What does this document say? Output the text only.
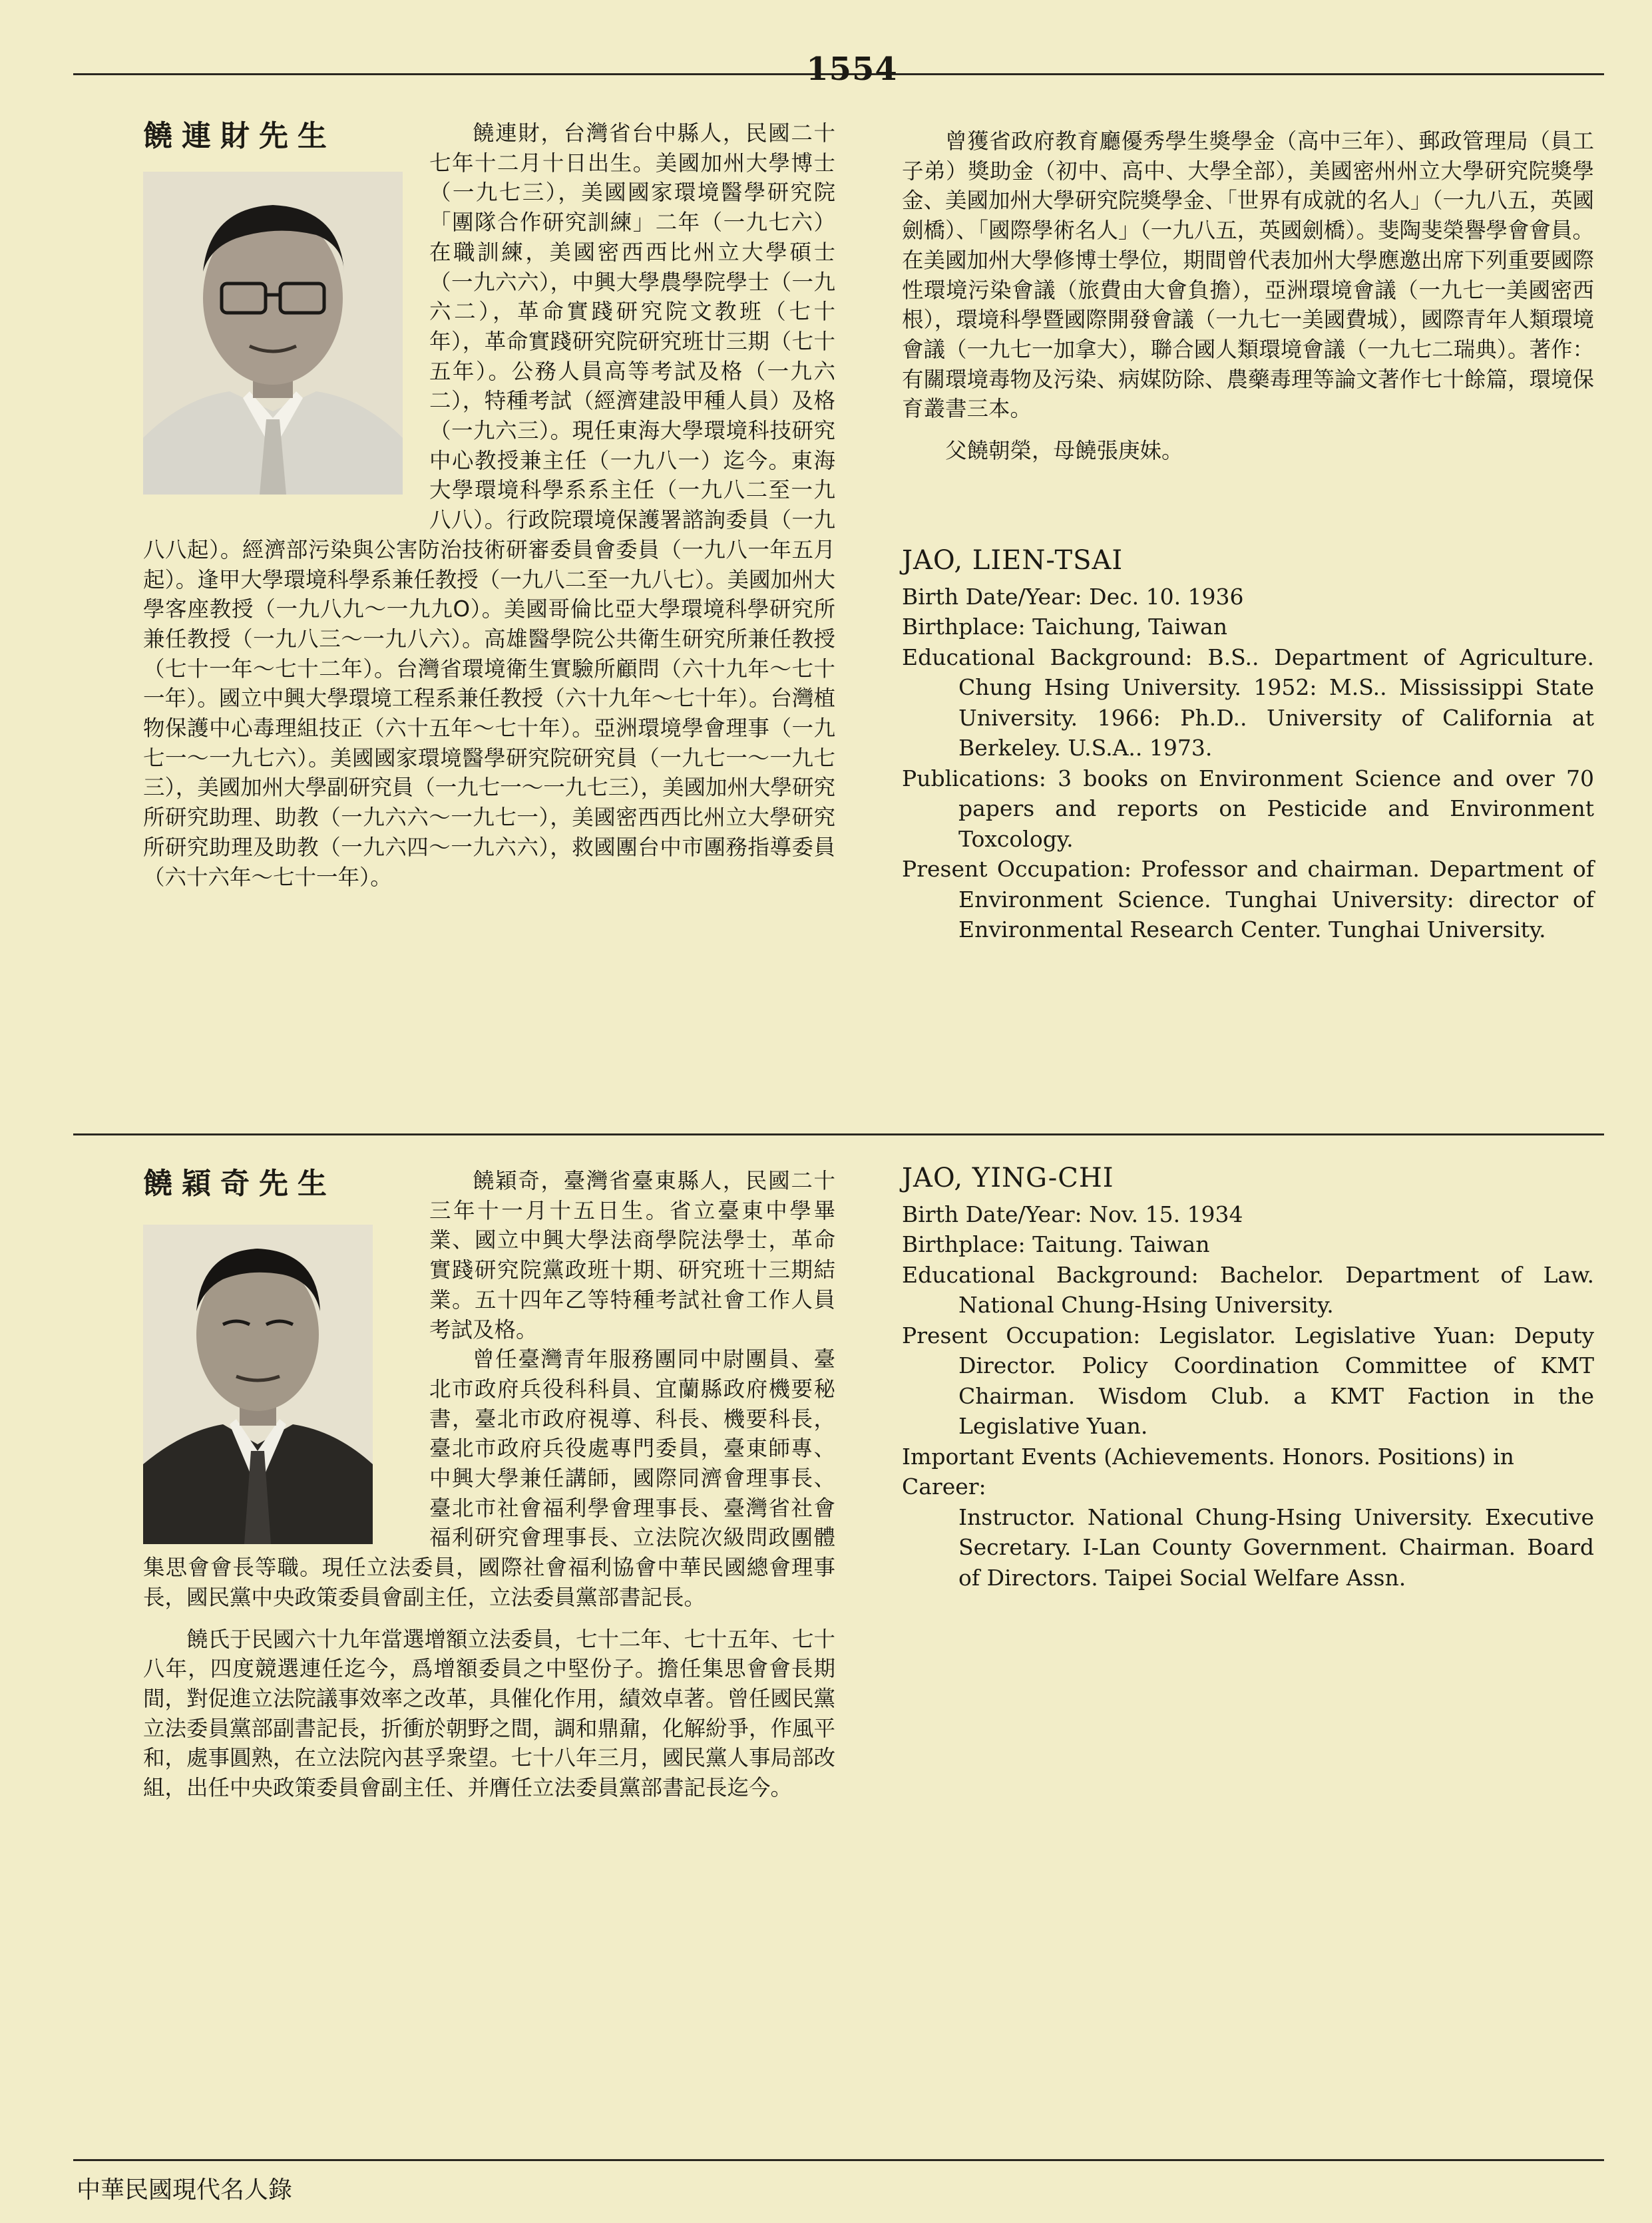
1554
饒連財先生	饒連財，台灣省台中縣人，民國二十七年十二月十日出生。美國加州大學博士（一九七三），美國國家環境醫學研究院「團隊合作研究訓練」二年（一九七六）在職訓練，美國密西西比州立大學碩士（一九六六），中興大學農學院學士（一九六二），革命實踐研究院文教班（七十年），革命實踐研究院研究班廿三期（七十五年）。公務人員高等考試及格（一九六二），特種考試（經濟建設甲種人員）及格（一九六三）。現任東海大學環境科技研究中心教授兼主任（一九八一）迄今。東海大學環境科學系系主任（一九八二至一九八八）。行政院環境保護署諮詢委員（一九八八起）。經濟部污染與公害防治技術研審委員會委員（一九八一年五月起）。逢甲大學環境科學系兼任教授（一九八二至一九八七）。美國加州大學客座教授（一九八九～一九九O）。美國哥倫比亞大學環境科學研究所兼任教授（一九八三～一九八六）。高雄醫學院公共衛生研究所兼任教授（七十一年～七十二年）。台灣省環境衛生實驗所顧問（六十九年～七十一年）。國立中興大學環境工程系兼任教授（六十九年～七十年）。台灣植物保護中心毒理組技正（六十五年～七十年）。亞洲環境學會理事（一九七一～一九七六）。美國國家環境醫學研究院研究員（一九七一～一九七三），美國加州大學副研究員（一九七一～一九七三），美國加州大學研究所研究助理、助教（一九六六～一九七一），美國密西西比州立大學研究所研究助理及助教（一九六四～一九六六），救國團台中市團務指導委員（六十六年～七十一年）。

曾獲省政府教育廳優秀學生獎學金（高中三年）、郵政管理局（員工子弟）獎助金（初中、高中、大學全部），美國密州州立大學研究院獎學金、美國加州大學研究院獎學金、「世界有成就的名人」（一九八五，英國劍橋）、「國際學術名人」（一九八五，英國劍橋）。斐陶斐榮譽學會會員。在美國加州大學修博士學位，期間曾代表加州大學應邀出席下列重要國際性環境污染會議（旅費由大會負擔），亞洲環境會議（一九七一美國密西根），環境科學暨國際開發會議（一九七一美國費城），國際青年人類環境會議（一九七一加拿大），聯合國人類環境會議（一九七二瑞典）。著作：有關環境毒物及污染、病媒防除、農藥毒理等論文著作七十餘篇，環境保育叢書三本。

父饒朝榮，母饒張庚妹。

JAO, LIEN-TSAI
Birth Date/Year: Dec. 10. 1936
Birthplace: Taichung, Taiwan
Educational Background: B.S.. Department of Agriculture. Chung Hsing University. 1952: M.S.. Mississippi State University. 1966: Ph.D.. University of California at Berkeley. U.S.A.. 1973.
Publications: 3 books on Environment Science and over 70 papers and reports on Pesticide and Environment Toxcology.
Present Occupation: Professor and chairman. Department of Environment Science. Tunghai University: director of Environmental Research Center. Tunghai University.
饒穎奇先生	饒穎奇，臺灣省臺東縣人，民國二十三年十一月十五日生。省立臺東中學畢業、國立中興大學法商學院法學士，革命實踐研究院黨政班十期、研究班十三期結業。五十四年乙等特種考試社會工作人員考試及格。

曾任臺灣青年服務團同中尉團員、臺北市政府兵役科科員、宜蘭縣政府機要秘書，臺北市政府視導、科長、機要科長，臺北市政府兵役處專門委員，臺東師專、中興大學兼任講師，國際同濟會理事長、臺北市社會福利學會理事長、臺灣省社會福利研究會理事長、立法院次級問政團體集思會會長等職。現任立法委員，國際社會福利協會中華民國總會理事長，國民黨中央政策委員會副主任，立法委員黨部書記長。

饒氏于民國六十九年當選增額立法委員，七十二年、七十五年、七十八年，四度競選連任迄今，爲增額委員之中堅份子。擔任集思會會長期間，對促進立法院議事效率之改革，具催化作用，績效卓著。曾任國民黨立法委員黨部副書記長，折衝於朝野之間，調和鼎鼐，化解紛爭，作風平和，處事圓熟，在立法院內甚孚衆望。七十八年三月，國民黨人事局部改組，出任中央政策委員會副主任、并膺任立法委員黨部書記長迄今。

JAO, YING-CHI
Birth Date/Year: Nov. 15. 1934
Birthplace: Taitung. Taiwan
Educational Background: Bachelor. Department of Law. National Chung-Hsing University.
Present Occupation: Legislator. Legislative Yuan: Deputy Director. Policy Coordination Committee of KMT Chairman. Wisdom Club. a KMT Faction in the Legislative Yuan.
Important Events (Achievements. Honors. Positions) in Career:
Instructor. National Chung-Hsing University. Executive Secretary. I-Lan County Government. Chairman. Board of Directors. Taipei Social Welfare Assn.
中華民國現代名人錄
